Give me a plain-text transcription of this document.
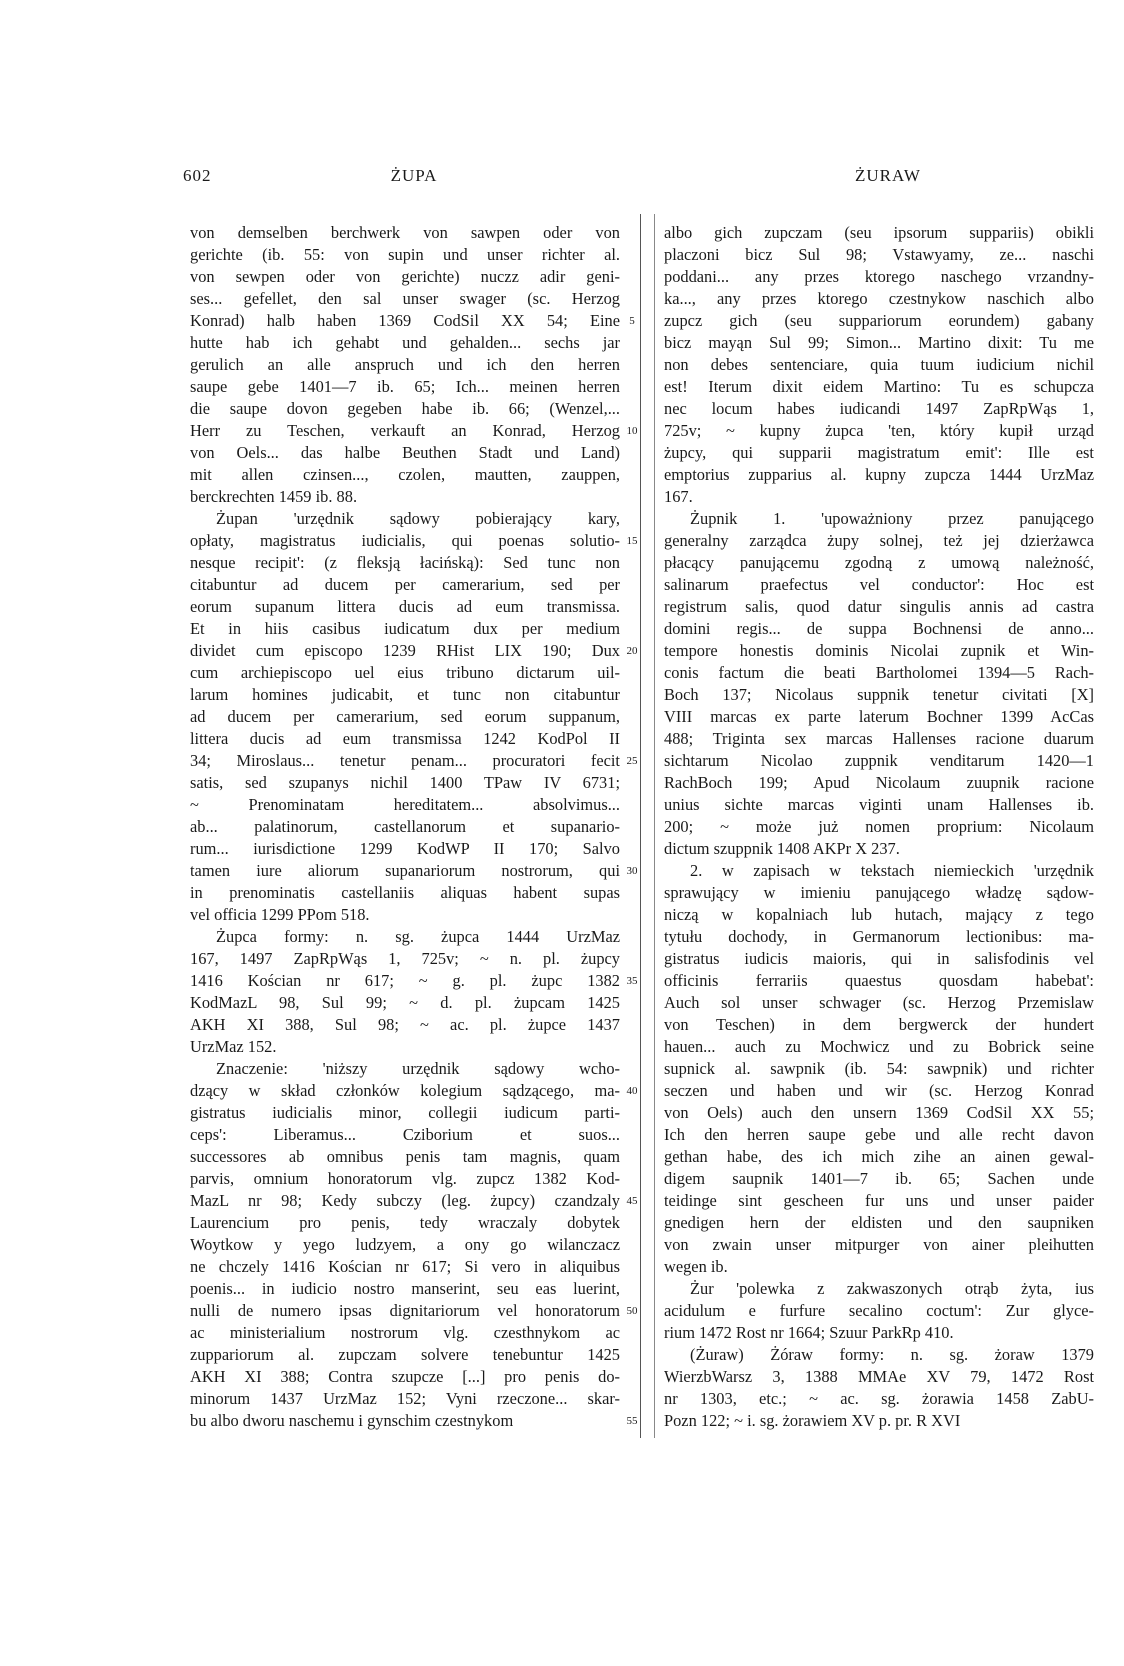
602	ŻUPA	ŻURAW
von demselben berchwerk von sawpen oder von
gerichte (ib. 55: von supin und unser richter al.
von sewpen oder von gerichte) nuczz adir geni-
ses... gefellet, den sal unser swager (sc. Herzog
Konrad) halb haben 1369 CodSil XX 54; Eine
hutte hab ich gehabt und gehalden... sechs jar
gerulich an alle anspruch und ich den herren
saupe gebe 1401—7 ib. 65; Ich... meinen herren
die saupe dovon gegeben habe ib. 66; (Wenzel,...
Herr zu Teschen, verkauft an Konrad, Herzog
von Oels... das halbe Beuthen Stadt und Land)
mit allen czinsen..., czolen, mautten, zauppen,
berckrechten 1459 ib. 88.
Żupan 'urzędnik sądowy pobierający kary,
opłaty, magistratus iudicialis, qui poenas solutio-
nesque recipit': (z fleksją łacińską): Sed tunc non
citabuntur ad ducem per camerarium, sed per
eorum supanum littera ducis ad eum transmissa.
Et in hiis casibus iudicatum dux per medium
dividet cum episcopo 1239 RHist LIX 190; Dux
cum archiepiscopo uel eius tribuno dictarum uil-
larum homines judicabit, et tunc non citabuntur
ad ducem per camerarium, sed eorum suppanum,
littera ducis ad eum transmissa 1242 KodPol II
34; Miroslaus... tenetur penam... procuratori fecit
satis, sed szupanys nichil 1400 TPaw IV 6731;
~ Prenominatam hereditatem... absolvimus...
ab... palatinorum, castellanorum et supanario-
rum... iurisdictione 1299 KodWP II 170; Salvo
tamen iure aliorum supanariorum nostrorum, qui
in prenominatis castellaniis aliquas habent supas
vel officia 1299 PPom 518.
Żupca formy: n. sg. żupca 1444 UrzMaz
167, 1497 ZapRpWąs 1, 725v; ~ n. pl. żupcy
1416 Kościan nr 617; ~ g. pl. żupc 1382
KodMazL 98, Sul 99; ~ d. pl. żupcam 1425
AKH XI 388, Sul 98; ~ ac. pl. żupce 1437
UrzMaz 152.
Znaczenie: 'niższy urzędnik sądowy wcho-
dzący w skład członków kolegium sądzącego, ma-
gistratus iudicialis minor, collegii iudicum parti-
ceps': Liberamus... Cziborium et suos...
successores ab omnibus penis tam magnis, quam
parvis, omnium honoratorum vlg. zupcz 1382 Kod-
MazL nr 98; Kedy subczy (leg. żupcy) czandzaly
Laurencium pro penis, tedy wraczaly dobytek
Woytkow y yego ludzyem, a ony go wilanczacz
ne chczely 1416 Kościan nr 617; Si vero in aliquibus
poenis... in iudicio nostro manserint, seu eas luerint,
nulli de numero ipsas dignitariorum vel honoratorum
ac ministerialium nostrorum vlg. czesthnykom ac
zuppariorum al. zupczam solvere tenebuntur 1425
AKH XI 388; Contra szupcze [...] pro penis do-
minorum 1437 UrzMaz 152; Vyni rzeczone... skar-
bu albo dworu naschemu i gynschim czestnykom
5
10
15
20
25
30
35
40
45
50
55
albo gich zupczam (seu ipsorum suppariis) obikli
placzoni bicz Sul 98; Vstawyamy, ze... naschi
poddani... any przes ktorego naschego vrzandny-
ka..., any przes ktorego czestnykow naschich albo
zupcz gich (seu suppariorum eorundem) gabany
bicz mayąn Sul 99; Simon... Martino dixit: Tu me
non debes sentenciare, quia tuum iudicium nichil
est! Iterum dixit eidem Martino: Tu es schupcza
nec locum habes iudicandi 1497 ZapRpWąs 1,
725v; ~ kupny żupca 'ten, który kupił urząd
żupcy, qui supparii magistratum emit': Ille est
emptorius zupparius al. kupny zupcza 1444 UrzMaz
167.
Żupnik 1. 'upoważniony przez panującego
generalny zarządca żupy solnej, też jej dzierżawca
płacący panującemu zgodną z umową należność,
salinarum praefectus vel conductor': Hoc est
registrum salis, quod datur singulis annis ad castra
domini regis... de suppa Bochnensi de anno...
tempore honestis dominis Nicolai zupnik et Win-
conis factum die beati Bartholomei 1394—5 Rach-
Boch 137; Nicolaus suppnik tenetur civitati [X]
VIII marcas ex parte laterum Bochner 1399 AcCas
488; Triginta sex marcas Hallenses racione duarum
sichtarum Nicolao zuppnik venditarum 1420—1
RachBoch 199; Apud Nicolaum zuupnik racione
unius sichte marcas viginti unam Hallenses ib.
200; ~ może już nomen proprium: Nicolaum
dictum szuppnik 1408 AKPr X 237.
2. w zapisach w tekstach niemieckich 'urzędnik
sprawujący w imieniu panującego władzę sądow-
niczą w kopalniach lub hutach, mający z tego
tytułu dochody, in Germanorum lectionibus: ma-
gistratus iudicis maioris, qui in salisfodinis vel
officinis ferrariis quaestus quosdam habebat':
Auch sol unser schwager (sc. Herzog Przemislaw
von Teschen) in dem bergwerck der hundert
hauen... auch zu Mochwicz und zu Bobrick seine
supnick al. sawpnik (ib. 54: sawpnik) und richter
seczen und haben und wir (sc. Herzog Konrad
von Oels) auch den unsern 1369 CodSil XX 55;
Ich den herren saupe gebe und alle recht davon
gethan habe, des ich mich zihe an ainen gewal-
digem saupnik 1401—7 ib. 65; Sachen unde
teidinge sint gescheen fur uns und unser paider
gnedigen hern der eldisten und den saupniken
von zwain unser mitpurger von ainer pleihutten
wegen ib.
Żur 'polewka z zakwaszonych otrąb żyta, ius
acidulum e furfure secalino coctum': Zur glyce-
rium 1472 Rost nr 1664; Szuur ParkRp 410.
(Żuraw) Żóraw formy: n. sg. żoraw 1379
WierzbWarsz 3, 1388 MMAe XV 79, 1472 Rost
nr 1303, etc.; ~ ac. sg. żorawia 1458 ZabU-
Pozn 122; ~ i. sg. żorawiem XV p. pr. R XVI
